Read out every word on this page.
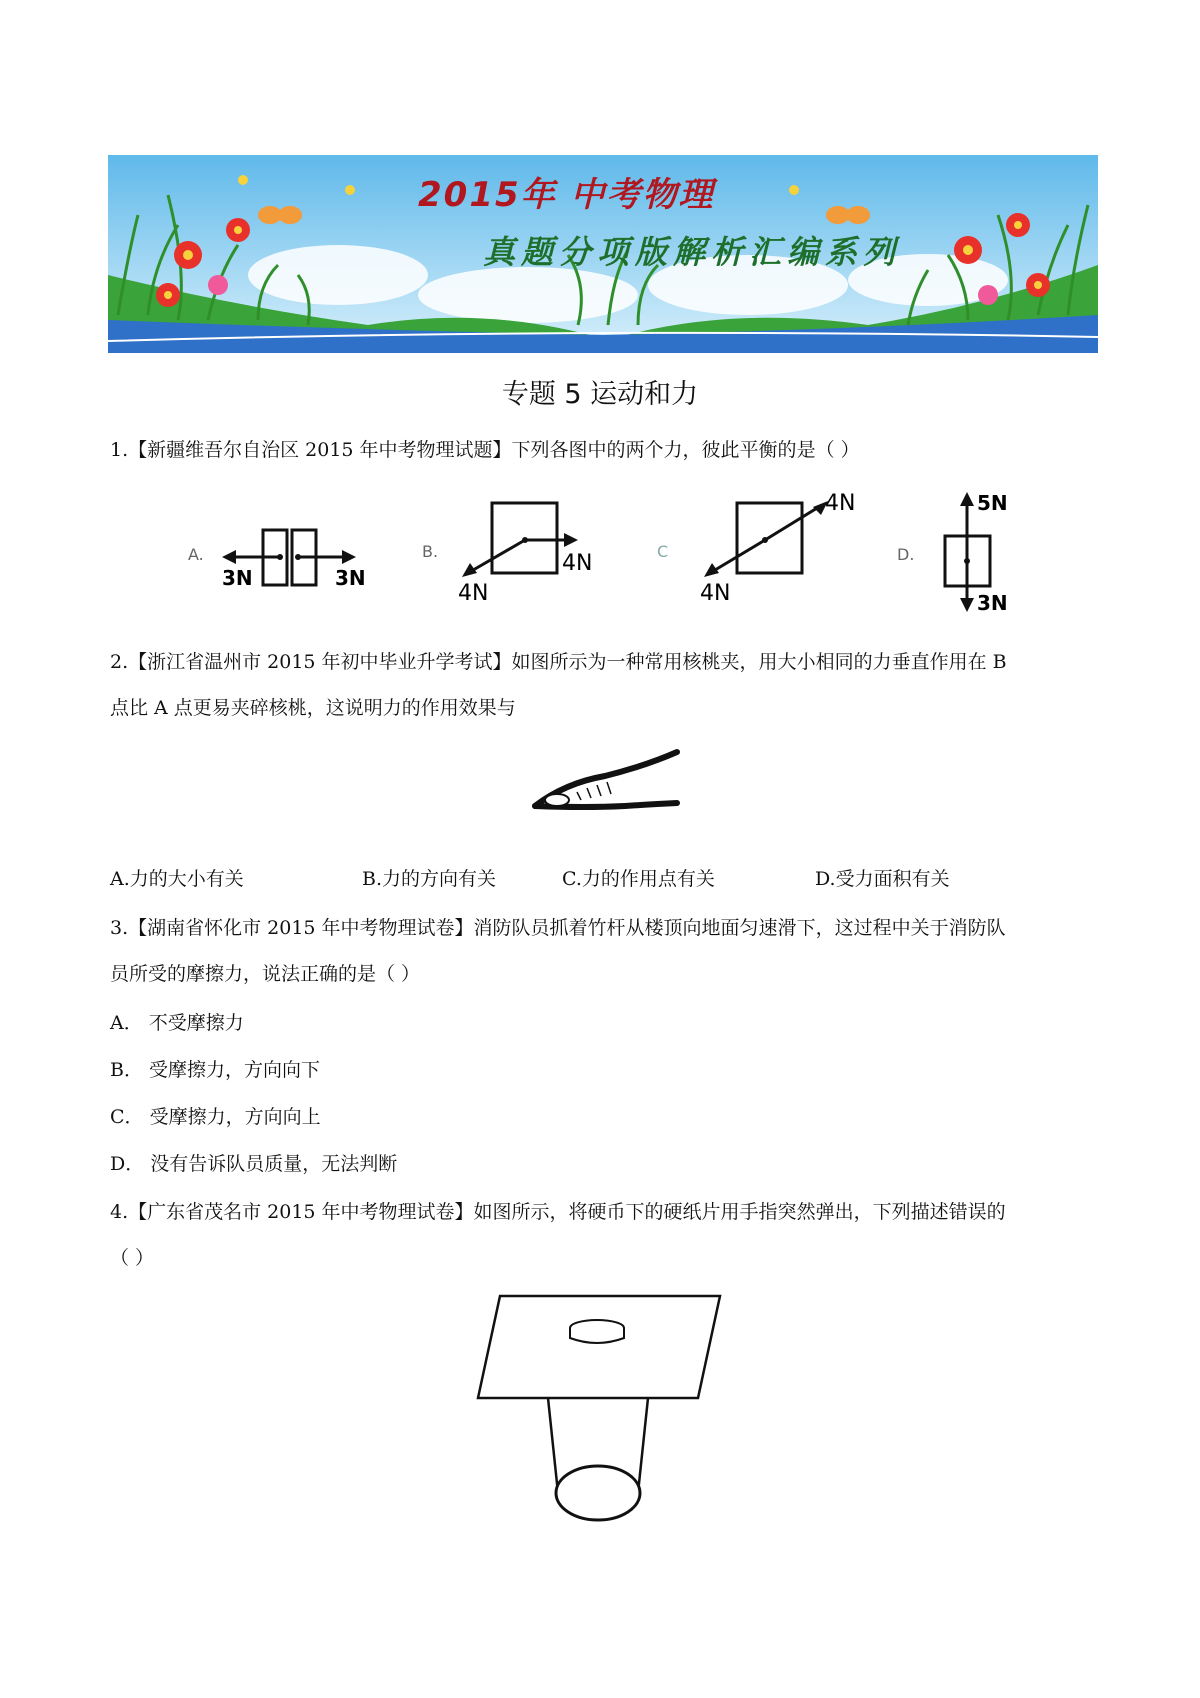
2015年 中考物理
真题分项版解析汇编系列
专题 5 运动和力
1.【新疆维吾尔自治区 2015 年中考物理试题】下列各图中的两个力，彼此平衡的是（ ）
A.
3N	3N
B.	4N
4N
C
4N
4N
D.
5N
3N
2.【浙江省温州市 2015 年初中毕业升学考试】如图所示为一种常用核桃夹，用大小相同的力垂直作用在 B
点比 A 点更易夹碎核桃，这说明力的作用效果与
A.力的大小有关	B.力的方向有关	C.力的作用点有关	D.受力面积有关
3.【湖南省怀化市 2015 年中考物理试卷】消防队员抓着竹杆从楼顶向地面匀速滑下，这过程中关于消防队
员所受的摩擦力，说法正确的是（ ）
A． 不受摩擦力
B． 受摩擦力，方向向下
C． 受摩擦力，方向向上
D． 没有告诉队员质量，无法判断
4.【广东省茂名市 2015 年中考物理试卷】如图所示，将硬币下的硬纸片用手指突然弹出，下列描述错误的
（ ）
